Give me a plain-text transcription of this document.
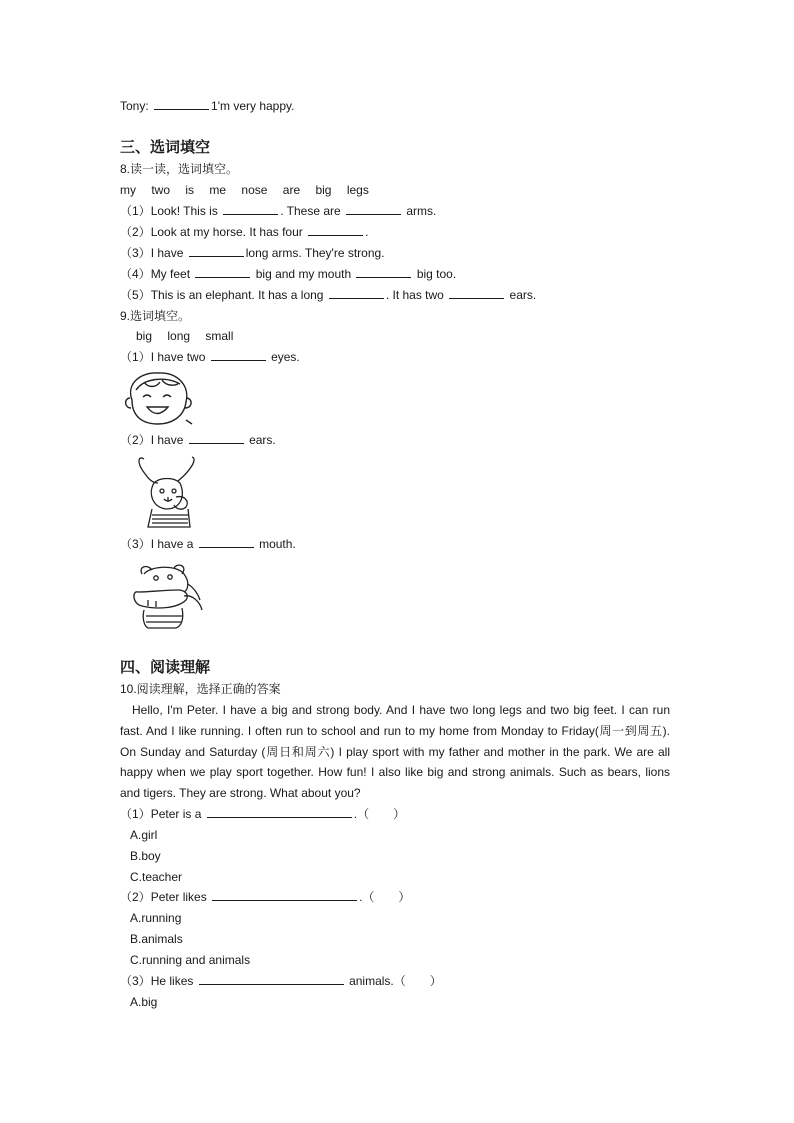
Tony:	1'm very happy.
三、选词填空
8.读一读，选词填空。
my two is me nose are big legs
（1）Look! This is	. These are	arms.
（2）Look at my horse. It has four	.
（3）I have	long arms. They're strong.
（4）My feet	big and my mouth	big too.
（5）This is an elephant. It has a long	. It has two	ears.
9.选词填空。
big long small
（1）I have two	eyes.
（2）I have	ears.
（3）I have a	mouth.
四、阅读理解
10.阅读理解，选择正确的答案
Hello, I'm Peter. I have a big and strong body. And I have two long legs and two big feet. I can run fast. And I like running. I often run to school and run to my home from Monday to Friday(周一到周五). On Sunday and Saturday (周日和周六) I play sport with my father and mother in the park. We are all happy when we play sport together. How fun! I also like big and strong animals. Such as bears, lions and tigers. They are strong. What about you?
（1）Peter is a	.（　　）
A.girl
B.boy
C.teacher
（2）Peter likes	.（　　）
A.running
B.animals
C.running and animals
（3）He likes	animals.（　　）
A.big
